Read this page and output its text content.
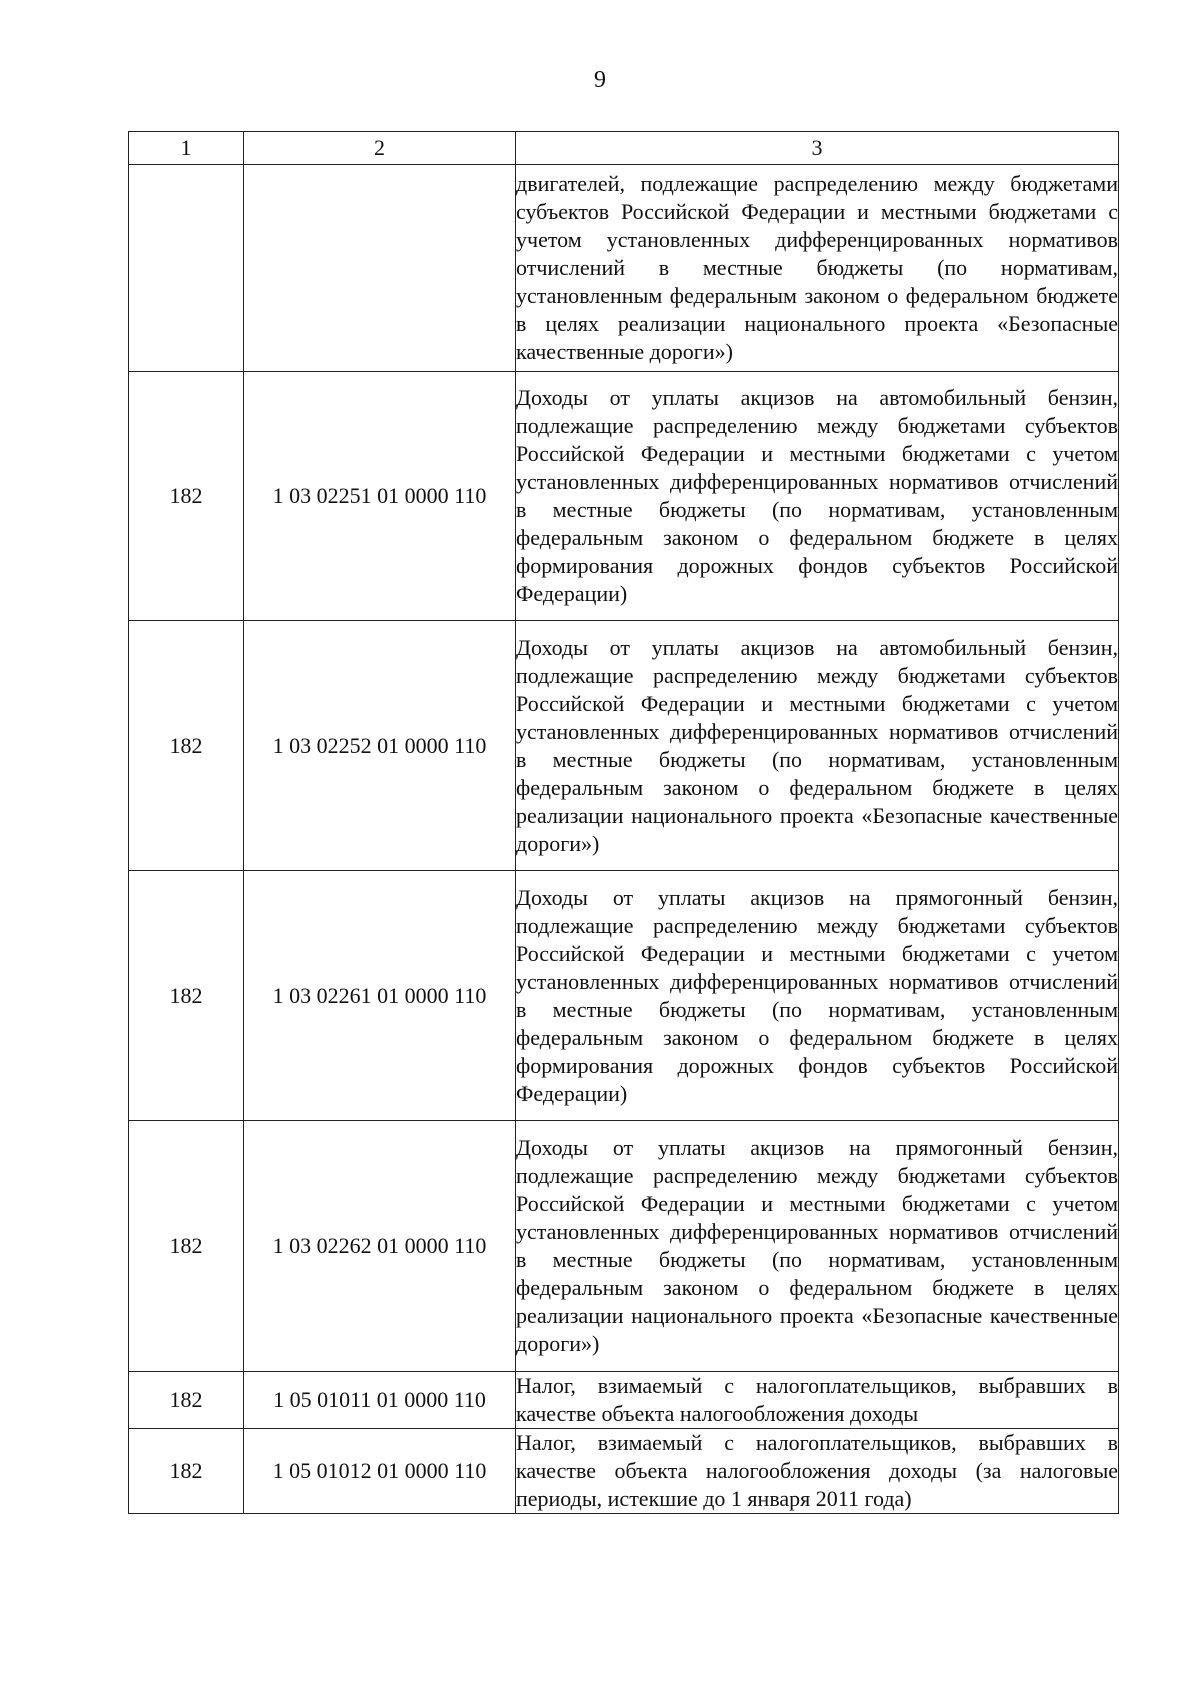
9
1	2	3
		двигателей, подлежащие распределению между бюджетами субъектов Российской Федерации и местными бюджетами с учетом установленных дифференцированных нормативов отчислений в местные бюджеты (по нормативам, установленным федеральным законом о федеральном бюджете в целях реализации национального проекта «Безопасные качественные дороги»)
182	1 03 02251 01 0000 110	Доходы от уплаты акцизов на автомобильный бензин, подлежащие распределению между бюджетами субъектов Российской Федерации и местными бюджетами с учетом установленных дифференцированных нормативов отчислений в местные бюджеты (по нормативам, установленным федеральным законом о федеральном бюджете в целях формирования дорожных фондов субъектов Российской Федерации)
182	1 03 02252 01 0000 110	Доходы от уплаты акцизов на автомобильный бензин, подлежащие распределению между бюджетами субъектов Российской Федерации и местными бюджетами с учетом установленных дифференцированных нормативов отчислений в местные бюджеты (по нормативам, установленным федеральным законом о федеральном бюджете в целях реализации национального проекта «Безопасные качественные дороги»)
182	1 03 02261 01 0000 110	Доходы от уплаты акцизов на прямогонный бензин, подлежащие распределению между бюджетами субъектов Российской Федерации и местными бюджетами с учетом установленных дифференцированных нормативов отчислений в местные бюджеты (по нормативам, установленным федеральным законом о федеральном бюджете в целях формирования дорожных фондов субъектов Российской Федерации)
182	1 03 02262 01 0000 110	Доходы от уплаты акцизов на прямогонный бензин, подлежащие распределению между бюджетами субъектов Российской Федерации и местными бюджетами с учетом установленных дифференцированных нормативов отчислений в местные бюджеты (по нормативам, установленным федеральным законом о федеральном бюджете в целях реализации национального проекта «Безопасные качественные дороги»)
182	1 05 01011 01 0000 110	Налог, взимаемый с налогоплательщиков, выбравших в качестве объекта налогообложения доходы
182	1 05 01012 01 0000 110	Налог, взимаемый с налогоплательщиков, выбравших в качестве объекта налогообложения доходы (за налоговые периоды, истекшие до 1 января 2011 года)
